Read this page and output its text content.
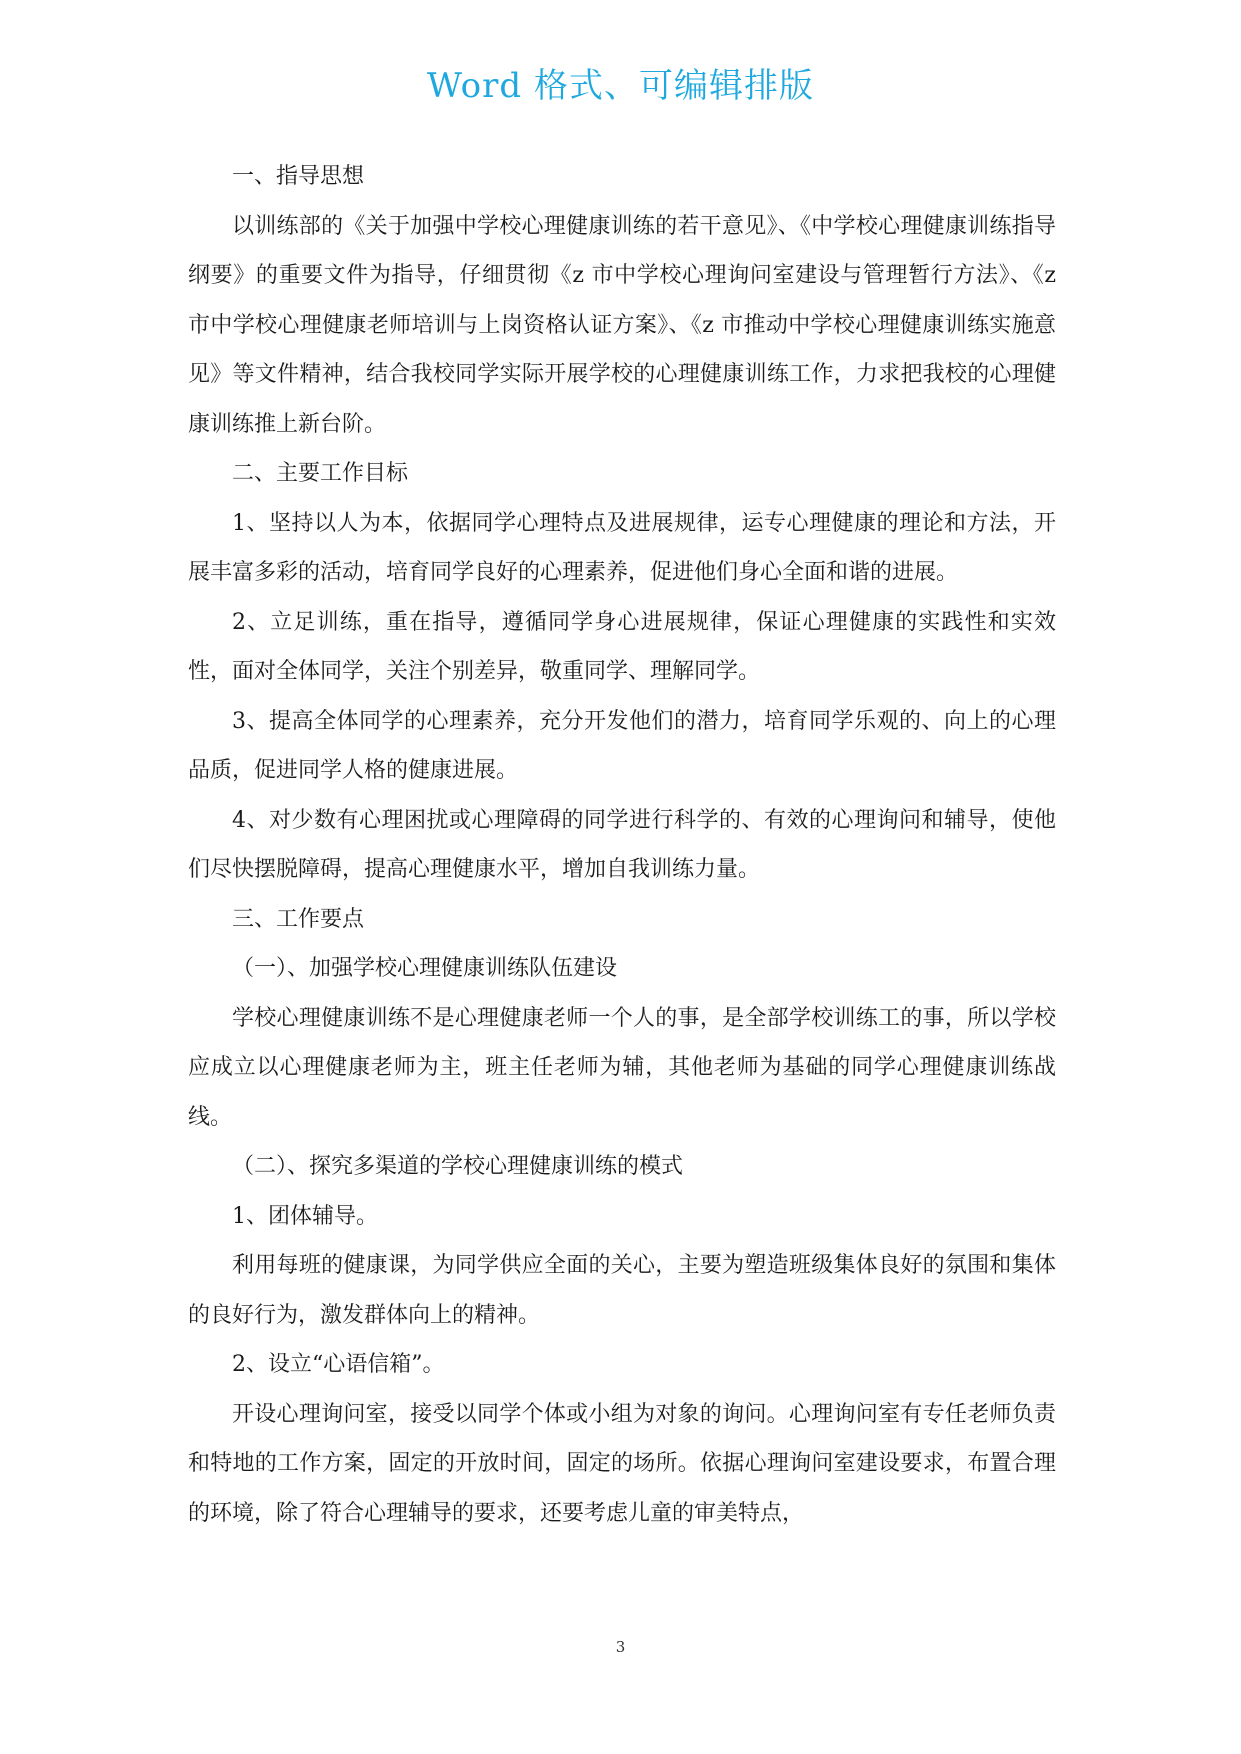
Word 格式、可编辑排版

一、指导思想

以训练部的《关于加强中学校心理健康训练的若干意见》、《中学校心理健康训练指导纲要》的重要文件为指导，仔细贯彻《z 市中学校心理询问室建设与管理暂行方法》、《z 市中学校心理健康老师培训与上岗资格认证方案》、《z 市推动中学校心理健康训练实施意见》等文件精神，结合我校同学实际开展学校的心理健康训练工作，力求把我校的心理健康训练推上新台阶。

二、主要工作目标

1、坚持以人为本，依据同学心理特点及进展规律，运专心理健康的理论和方法，开展丰富多彩的活动，培育同学良好的心理素养，促进他们身心全面和谐的进展。

2、立足训练，重在指导，遵循同学身心进展规律，保证心理健康的实践性和实效性，面对全体同学，关注个别差异，敬重同学、理解同学。

3、提高全体同学的心理素养，充分开发他们的潜力，培育同学乐观的、向上的心理品质，促进同学人格的健康进展。

4、对少数有心理困扰或心理障碍的同学进行科学的、有效的心理询问和辅导，使他们尽快摆脱障碍，提高心理健康水平，增加自我训练力量。

三、工作要点

（一）、加强学校心理健康训练队伍建设

学校心理健康训练不是心理健康老师一个人的事，是全部学校训练工的事，所以学校应成立以心理健康老师为主，班主任老师为辅，其他老师为基础的同学心理健康训练战线。

（二）、探究多渠道的学校心理健康训练的模式

1、团体辅导。

利用每班的健康课，为同学供应全面的关心，主要为塑造班级集体良好的氛围和集体的良好行为，激发群体向上的精神。

2、设立“心语信箱”。

开设心理询问室，接受以同学个体或小组为对象的询问。心理询问室有专任老师负责和特地的工作方案，固定的开放时间，固定的场所。依据心理询问室建设要求，布置合理的环境，除了符合心理辅导的要求，还要考虑儿童的审美特点，

3
